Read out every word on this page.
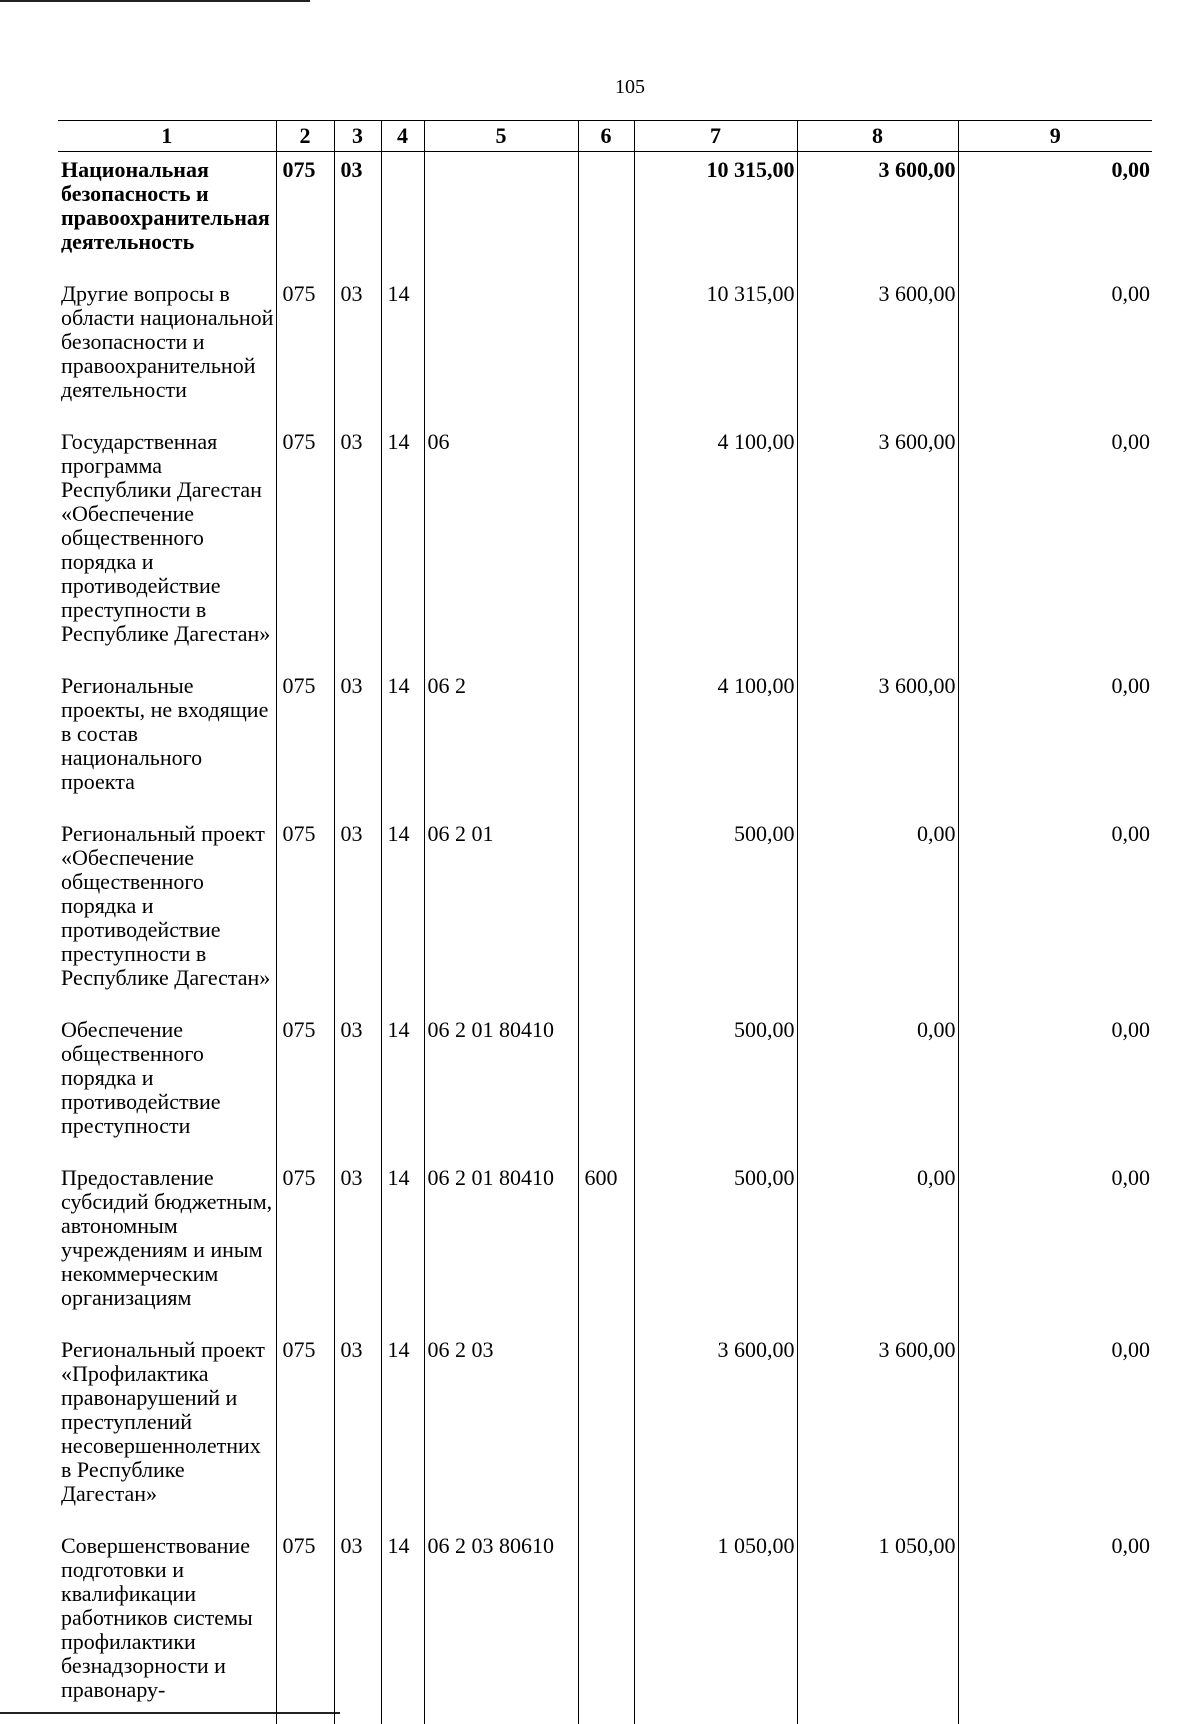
105
1	2	3	4	5	6	7	8	9
Национальная безопасность и правоохранительная деятельность	075	03				10 315,00	3 600,00	0,00
Другие вопросы в области национальной безопасности и правоохранительной деятельности	075	03	14			10 315,00	3 600,00	0,00
Государственная программа Республики Дагестан «Обеспечение общественного порядка и противодействие преступности в Республике Дагестан»	075	03	14	06		4 100,00	3 600,00	0,00
Региональные проекты, не входящие в состав национального проекта	075	03	14	06 2		4 100,00	3 600,00	0,00
Региональный проект «Обеспечение общественного порядка и противодействие преступности в Республике Дагестан»	075	03	14	06 2 01		500,00	0,00	0,00
Обеспечение общественного порядка и противодействие преступности	075	03	14	06 2 01 80410		500,00	0,00	0,00
Предоставление субсидий бюджетным, автономным учреждениям и иным некоммерческим организациям	075	03	14	06 2 01 80410	600	500,00	0,00	0,00
Региональный проект «Профилактика правонарушений и преступлений несовершеннолетних в Республике Дагестан»	075	03	14	06 2 03		3 600,00	3 600,00	0,00
Совершенствование подготовки и квалификации работников системы профилактики безнадзорности и правонару-	075	03	14	06 2 03 80610		1 050,00	1 050,00	0,00
